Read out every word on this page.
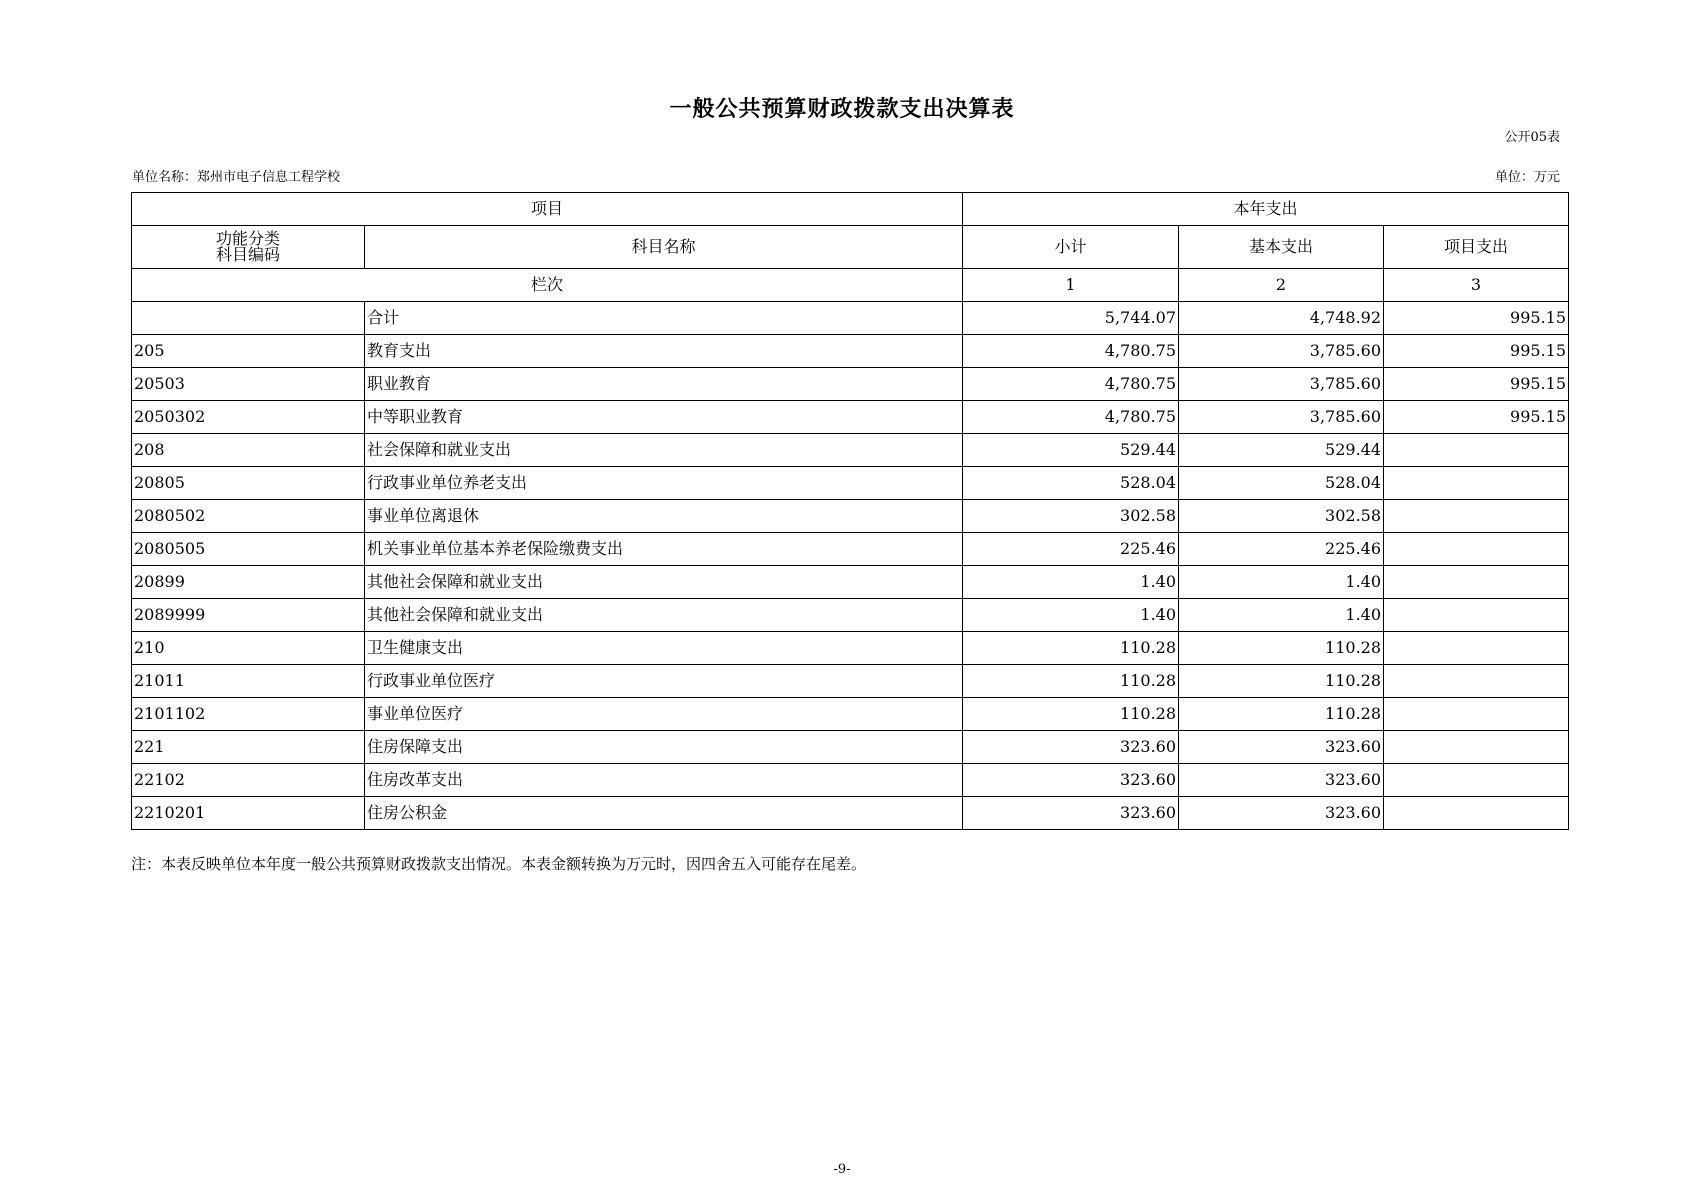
一般公共预算财政拨款支出决算表
公开05表
单位名称：郑州市电子信息工程学校	单位：万元
项目		本年支出		

功能分类
科目编码	科目名称	小计	基本支出	项目支出
栏次		1	2	3
	合计	5,744.07	4,748.92	995.15
205	教育支出	4,780.75	3,785.60	995.15
20503	职业教育	4,780.75	3,785.60	995.15
2050302	中等职业教育	4,780.75	3,785.60	995.15
208	社会保障和就业支出	529.44	529.44	
20805	行政事业单位养老支出	528.04	528.04	
2080502	事业单位离退休	302.58	302.58	
2080505	机关事业单位基本养老保险缴费支出	225.46	225.46	
20899	其他社会保障和就业支出	1.40	1.40	
2089999	其他社会保障和就业支出	1.40	1.40	
210	卫生健康支出	110.28	110.28	
21011	行政事业单位医疗	110.28	110.28	
2101102	事业单位医疗	110.28	110.28	
221	住房保障支出	323.60	323.60	
22102	住房改革支出	323.60	323.60	
2210201	住房公积金	323.60	323.60	
注：本表反映单位本年度一般公共预算财政拨款支出情况。本表金额转换为万元时，因四舍五入可能存在尾差。
-9-
